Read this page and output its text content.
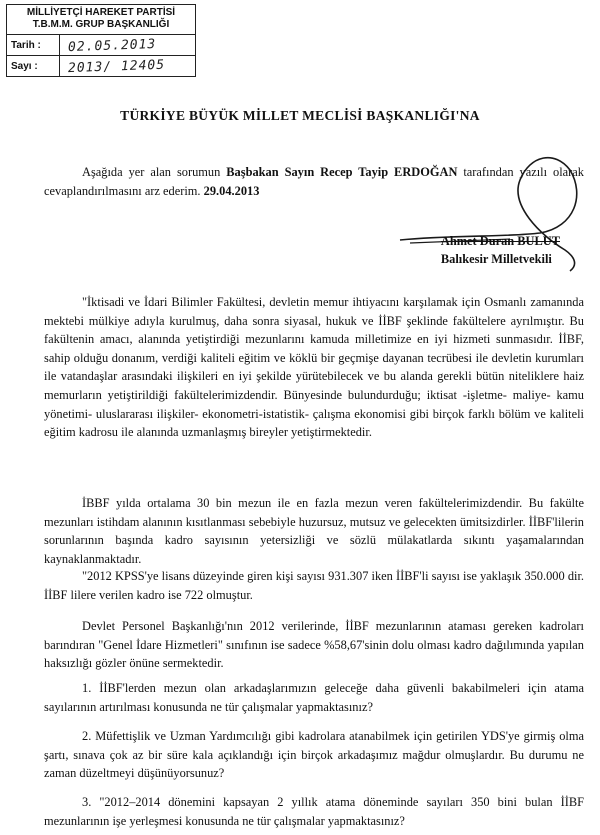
MİLLİYETÇİ HAREKET PARTİSİ
T.B.M.M. GRUP BAŞKANLIĞI
Tarih :	02.05.2013
Sayı :	2013/ 12405
TÜRKİYE BÜYÜK MİLLET MECLİSİ BAŞKANLIĞI'NA

Aşağıda yer alan sorumun Başbakan Sayın Recep Tayip ERDOĞAN tarafından yazılı olarak cevaplandırılmasını arz ederim. 29.04.2013

Ahmet Duran BULUT
Balıkesir Milletvekili

"İktisadi ve İdari Bilimler Fakültesi, devletin memur ihtiyacını karşılamak için Osmanlı zamanında mektebi mülkiye adıyla kurulmuş, daha sonra siyasal, hukuk ve İİBF şeklinde fakültelere ayrılmıştır. Bu fakültenin amacı, alanında yetiştirdiği mezunlarını kamuda milletimize en iyi hizmeti sunmasıdır. İİBF, sahip olduğu donanım, verdiği kaliteli eğitim ve köklü bir geçmişe dayanan tecrübesi ile devletin kurumları ile vatandaşlar arasındaki ilişkileri en iyi şekilde yürütebilecek ve bu alanda gerekli bütün niteliklere haiz memurların yetiştirildiği fakültelerimizdendir. Bünyesinde bulundurduğu; iktisat -işletme- maliye- kamu yönetimi- uluslararası ilişkiler- ekonometri-istatistik- çalışma ekonomisi gibi birçok farklı bölüm ve kaliteli eğitim kadrosu ile alanında uzmanlaşmış bireyler yetiştirmektedir.

İBBF yılda ortalama 30 bin mezun ile en fazla mezun veren fakültelerimizdendir. Bu fakülte mezunları istihdam alanının kısıtlanması sebebiyle huzursuz, mutsuz ve gelecekten ümitsizdirler. İİBF'lilerin sorunlarının başında kadro sayısının yetersizliği ve sözlü mülakatlarda sıkıntı yaşamalarından kaynaklanmaktadır.

"2012 KPSS'ye lisans düzeyinde giren kişi sayısı 931.307 iken İİBF'li sayısı ise yaklaşık 350.000 dir. İİBF lilere verilen kadro ise 722 olmuştur.

Devlet Personel Başkanlığı'nın 2012 verilerinde, İİBF mezunlarının ataması gereken kadroları barındıran "Genel İdare Hizmetleri" sınıfının ise sadece %58,67'sinin dolu olması kadro dağılımında yapılan haksızlığı gözler önüne sermektedir.

1. İİBF'lerden mezun olan arkadaşlarımızın geleceğe daha güvenli bakabilmeleri için atama sayılarının artırılması konusunda ne tür çalışmalar yapmaktasınız?

2. Müfettişlik ve Uzman Yardımcılığı gibi kadrolara atanabilmek için getirilen YDS'ye girmiş olma şartı, sınava çok az bir süre kala açıklandığı için birçok arkadaşımız mağdur olmuşlardır. Bu durumu ne zaman düzeltmeyi düşünüyorsunuz?

3. "2012–2014 dönemini kapsayan 2 yıllık atama döneminde sayıları 350 bini bulan İİBF mezunlarının işe yerleşmesi konusunda ne tür çalışmalar yapmaktasınız?
